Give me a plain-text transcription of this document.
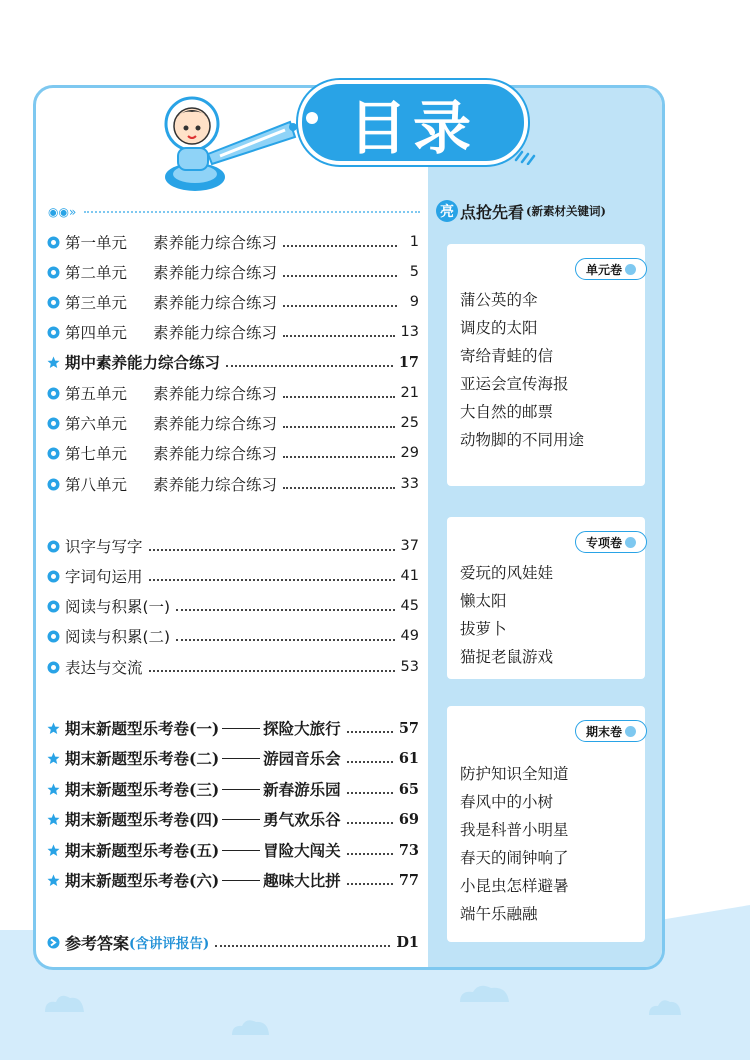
目录
◉◉»
第一单元 素养能力综合练习	1
第二单元 素养能力综合练习	5
第三单元 素养能力综合练习	9
第四单元 素养能力综合练习	13
期中素养能力综合练习	17
第五单元 素养能力综合练习	21
第六单元 素养能力综合练习	25
第七单元 素养能力综合练习	29
第八单元 素养能力综合练习	33
识字与写字	37
字词句运用	41
阅读与积累(一)	45
阅读与积累(二)	49
表达与交流	53
期末新题型乐考卷(一)	探险大旅行	57
期末新题型乐考卷(二)	游园音乐会	61
期末新题型乐考卷(三)	新春游乐园	65
期末新题型乐考卷(四)	勇气欢乐谷	69
期末新题型乐考卷(五)	冒险大闯关	73
期末新题型乐考卷(六)	趣味大比拼	77
参考答案 (含讲评报告)	D1
亮 点抢先看 (新素材关键词)
单元卷
蒲公英的伞
调皮的太阳
寄给青蛙的信
亚运会宣传海报
大自然的邮票
动物脚的不同用途
专项卷
爱玩的风娃娃
懒太阳
拔萝卜
猫捉老鼠游戏
期末卷
防护知识全知道
春风中的小树
我是科普小明星
春天的闹钟响了
小昆虫怎样避暑
端午乐融融
